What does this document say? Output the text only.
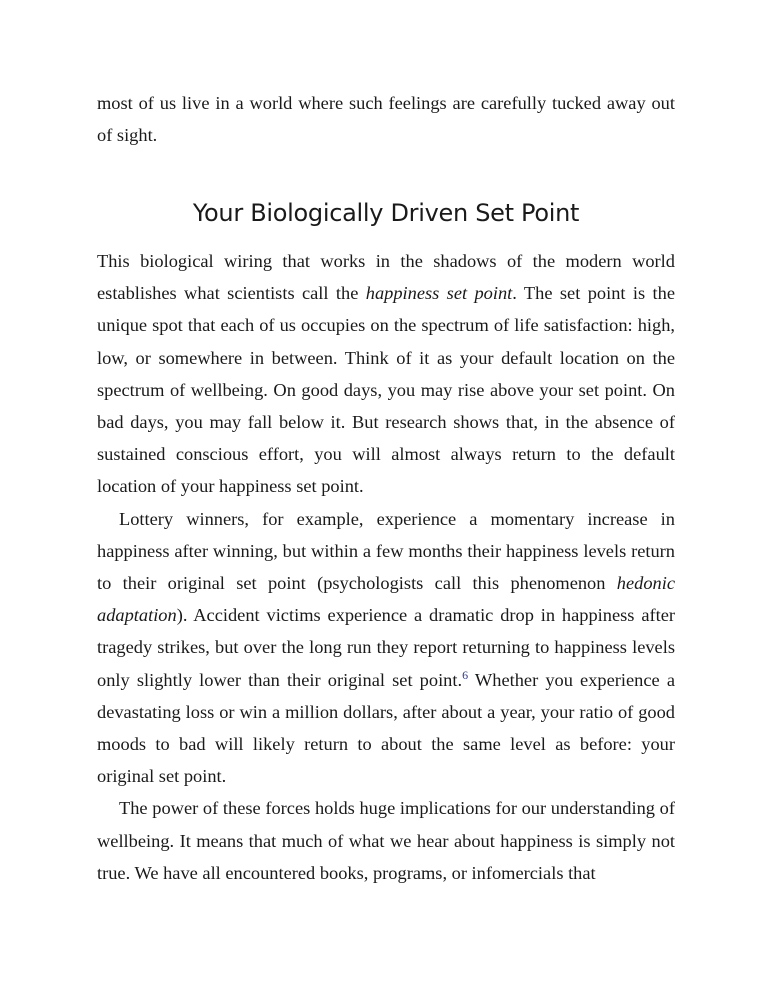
most of us live in a world where such feelings are carefully tucked away out of sight.

Your Biologically Driven Set Point

This biological wiring that works in the shadows of the modern world establishes what scientists call the happiness set point. The set point is the unique spot that each of us occupies on the spectrum of life satisfaction: high, low, or somewhere in between. Think of it as your default location on the spectrum of wellbeing. On good days, you may rise above your set point. On bad days, you may fall below it. But research shows that, in the absence of sustained conscious effort, you will almost always return to the default location of your happiness set point.

Lottery winners, for example, experience a momentary increase in happiness after winning, but within a few months their happiness levels return to their original set point (psychologists call this phenomenon hedonic adaptation). Accident victims experience a dramatic drop in happiness after tragedy strikes, but over the long run they report returning to happiness levels only slightly lower than their original set point.$^6$ Whether you experience a devastating loss or win a million dollars, after about a year, your ratio of good moods to bad will likely return to about the same level as before: your original set point.

The power of these forces holds huge implications for our understanding of wellbeing. It means that much of what we hear about happiness is simply not true. We have all encountered books, programs, or infomercials that
